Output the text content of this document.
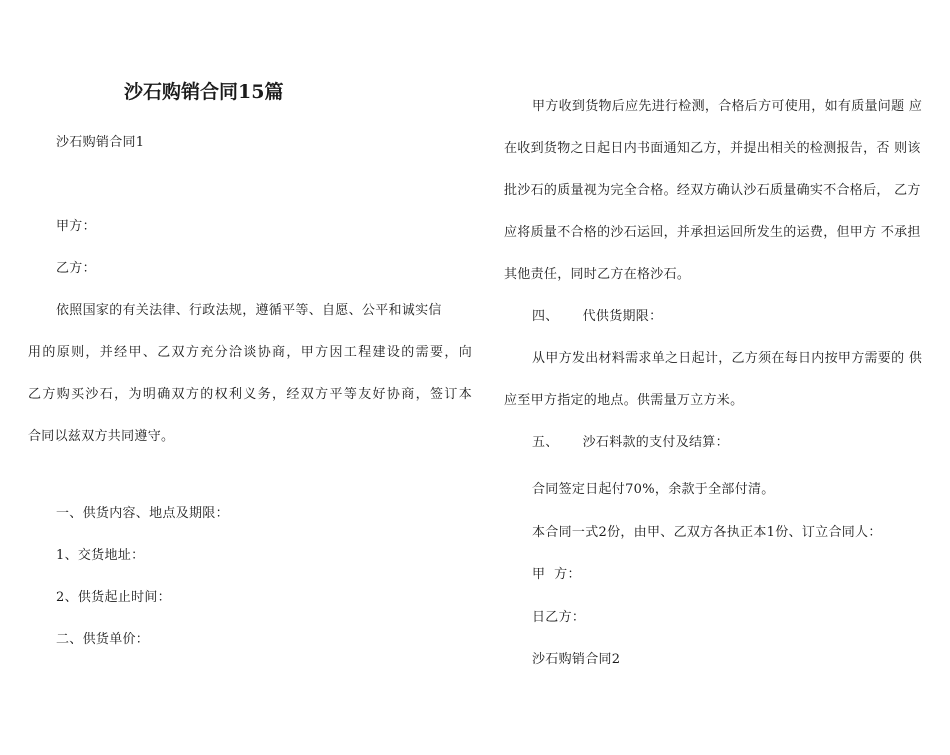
沙石购销合同15篇

沙石购销合同1

甲方：

乙方：

依照国家的有关法律、行政法规，遵循平等、自愿、公平和诚实信

用的原则，并经甲、乙双方充分洽谈协商，甲方因工程建设的需要，向

乙方购买沙石，为明确双方的权利义务，经双方平等友好协商，签订本

合同以兹双方共同遵守。

一、供货内容、地点及期限：

1、交货地址：

2、供货起止时间：

二、供货单价：

甲方收到货物后应先进行检测，合格后方可使用，如有质量问题 应

在收到货物之日起日内书面通知乙方，并提出相关的检测报告，否 则该

批沙石的质量视为完全合格。经双方确认沙石质量确实不合格后， 乙方

应将质量不合格的沙石运回，并承担运回所发生的运费，但甲方 不承担

其他责任，同时乙方在格沙石。

四、 代供货期限：

从甲方发出材料需求单之日起计，乙方须在每日内按甲方需要的 供

应至甲方指定的地点。供需量万立方米。

五、 沙石料款的支付及结算：

合同签定日起付70%，余款于全部付清。

本合同一式2份，由甲、乙双方各执正本1份、订立合同人：

甲  方：

日乙方：

沙石购销合同2
